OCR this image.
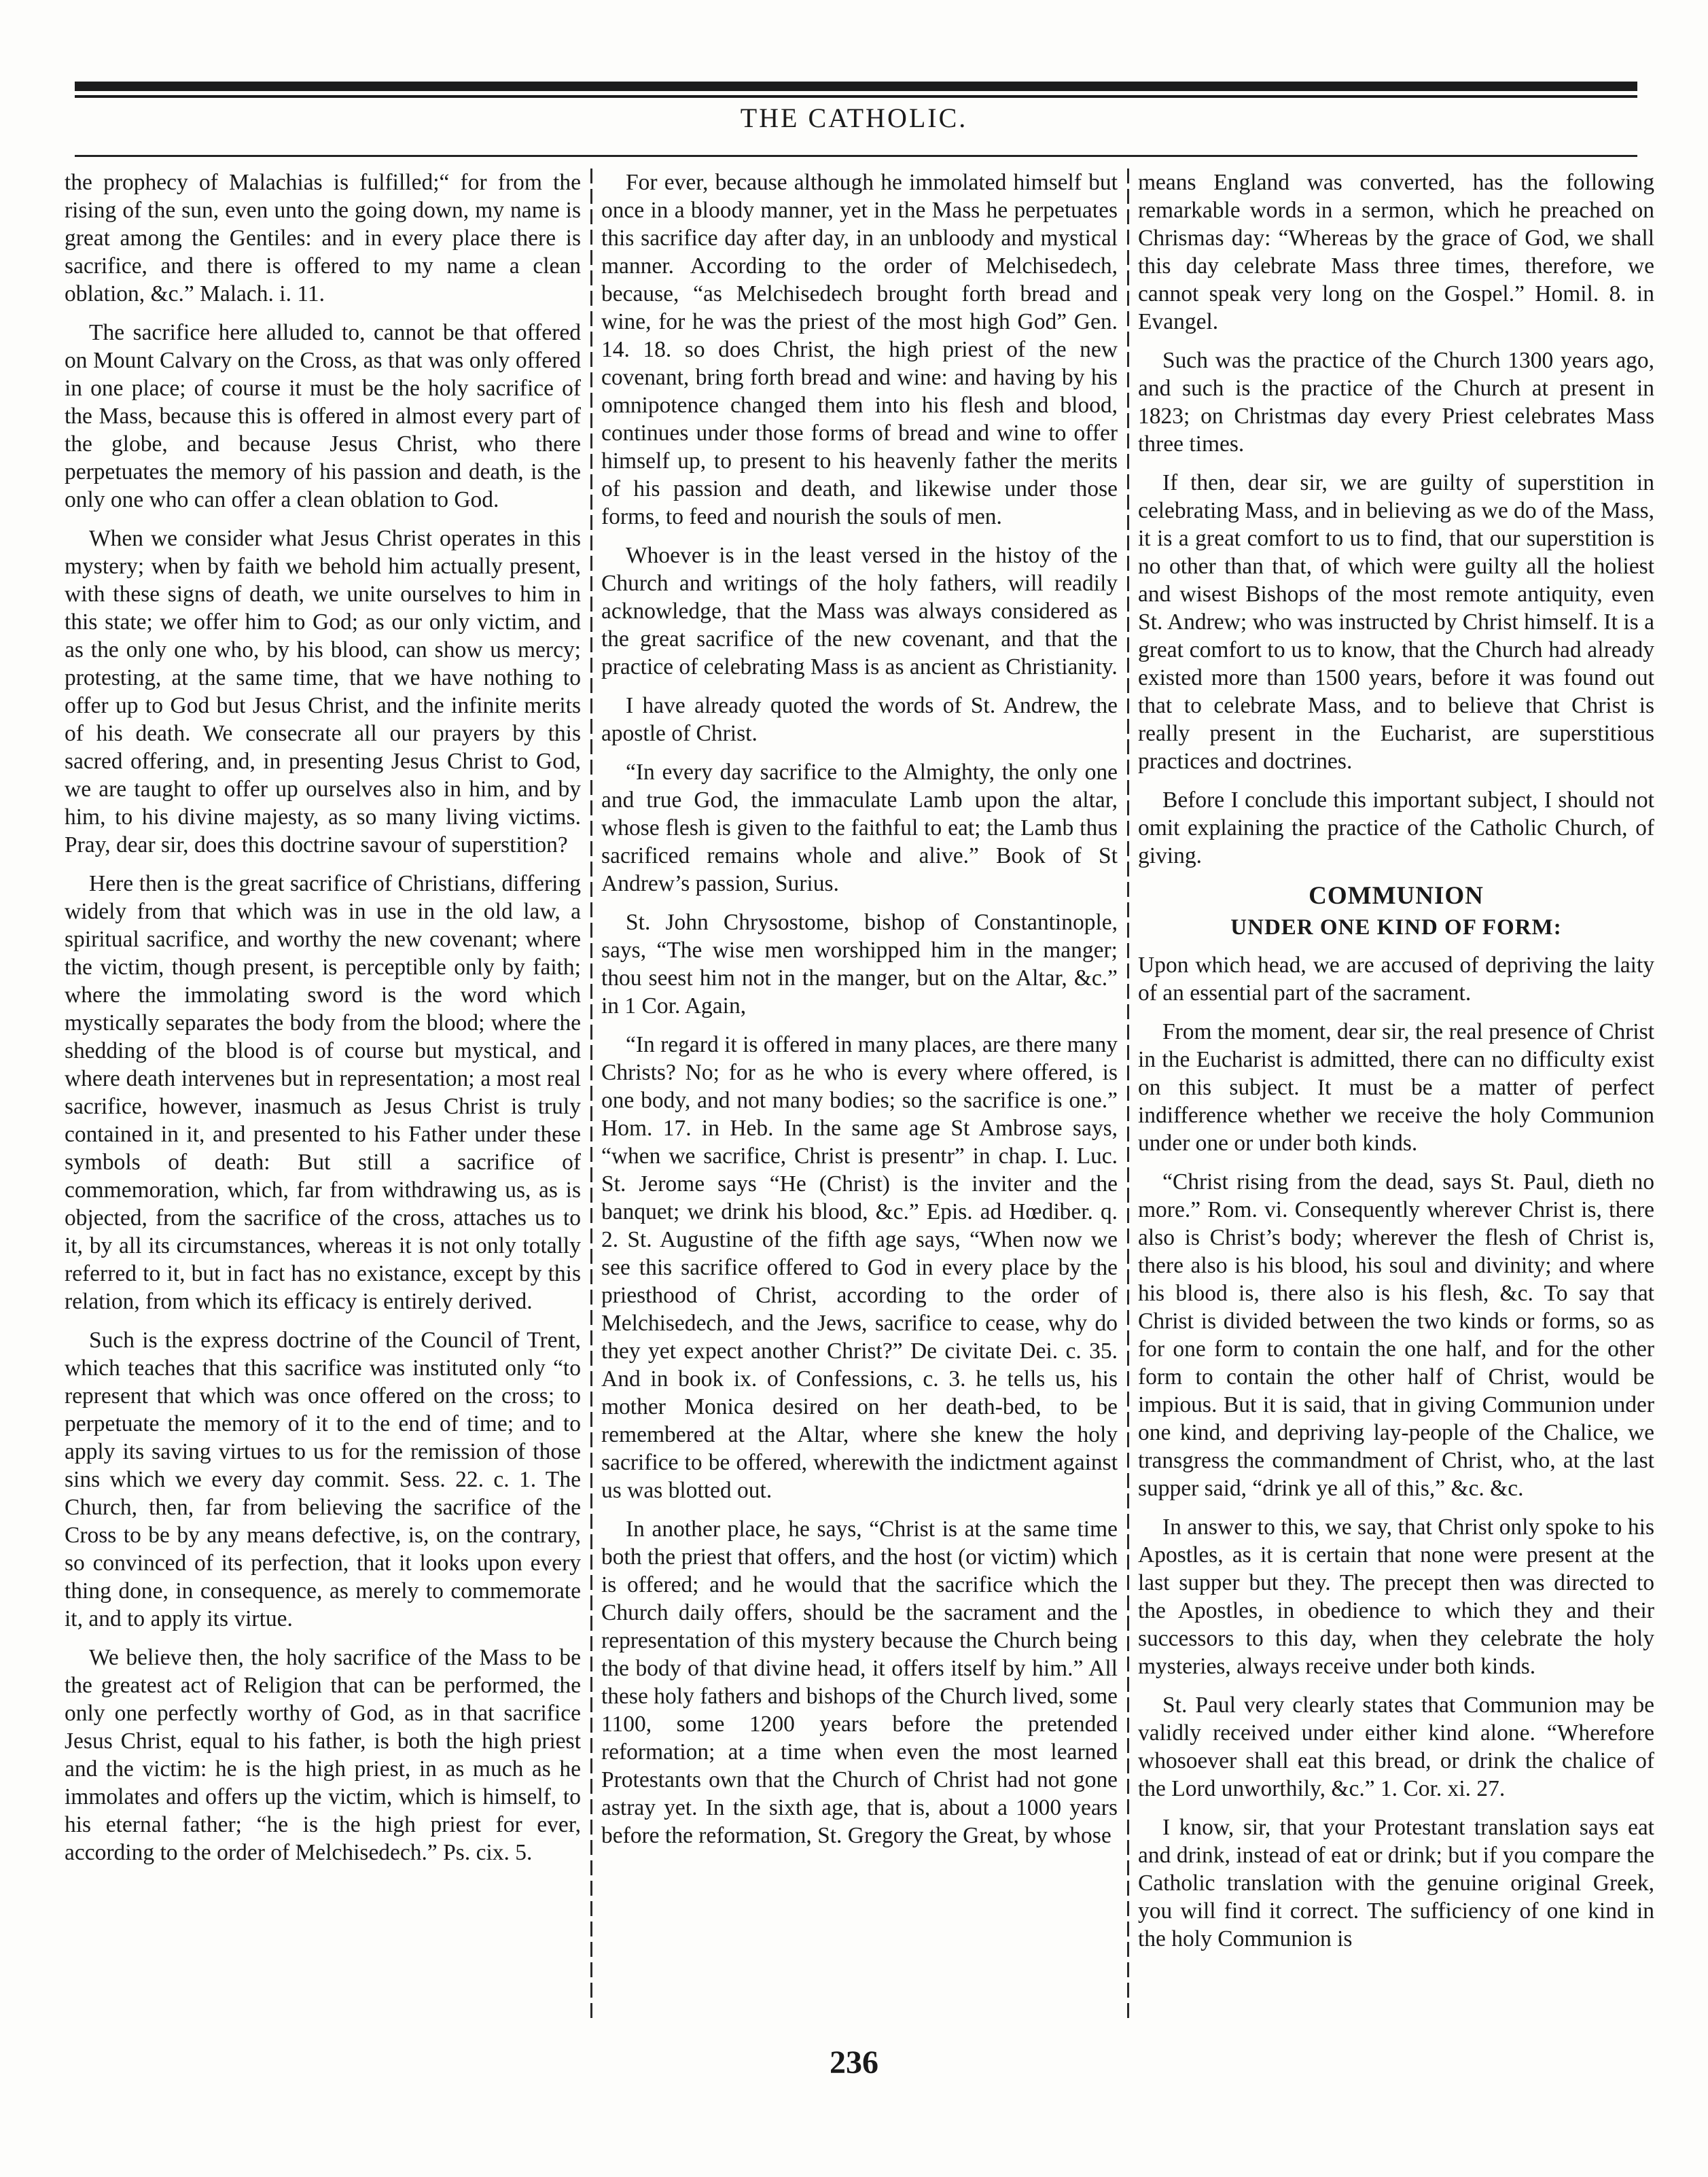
THE CATHOLIC.

the prophecy of Malachias is fulfilled;“ for from the rising of the sun, even unto the going down, my name is great among the Gentiles: and in every place there is sacrifice, and there is offered to my name a clean oblation, &c.” Malach. i. 11.

The sacrifice here alluded to, cannot be that offered on Mount Calvary on the Cross, as that was only offered in one place; of course it must be the holy sacrifice of the Mass, because this is offered in almost every part of the globe, and because Jesus Christ, who there perpetuates the memory of his passion and death, is the only one who can offer a clean oblation to God.

When we consider what Jesus Christ operates in this mystery; when by faith we behold him actually present, with these signs of death, we unite ourselves to him in this state; we offer him to God; as our only victim, and as the only one who, by his blood, can show us mercy; protesting, at the same time, that we have nothing to offer up to God but Jesus Christ, and the infinite merits of his death. We consecrate all our prayers by this sacred offering, and, in presenting Jesus Christ to God, we are taught to offer up ourselves also in him, and by him, to his divine majesty, as so many living victims. Pray, dear sir, does this doctrine savour of superstition?

Here then is the great sacrifice of Christians, differing widely from that which was in use in the old law, a spiritual sacrifice, and worthy the new covenant; where the victim, though present, is perceptible only by faith; where the immolating sword is the word which mystically separates the body from the blood; where the shedding of the blood is of course but mystical, and where death intervenes but in representation; a most real sacrifice, however, inasmuch as Jesus Christ is truly contained in it, and presented to his Father under these symbols of death: But still a sacrifice of commemoration, which, far from withdrawing us, as is objected, from the sacrifice of the cross, attaches us to it, by all its circumstances, whereas it is not only totally referred to it, but in fact has no existance, except by this relation, from which its efficacy is entirely derived.

Such is the express doctrine of the Council of Trent, which teaches that this sacrifice was instituted only “to represent that which was once offered on the cross; to perpetuate the memory of it to the end of time; and to apply its saving virtues to us for the remission of those sins which we every day commit. Sess. 22. c. 1. The Church, then, far from believing the sacrifice of the Cross to be by any means defective, is, on the contrary, so convinced of its perfection, that it looks upon every thing done, in consequence, as merely to commemorate it, and to apply its virtue.

We believe then, the holy sacrifice of the Mass to be the greatest act of Religion that can be performed, the only one perfectly worthy of God, as in that sacrifice Jesus Christ, equal to his father, is both the high priest and the victim: he is the high priest, in as much as he immolates and offers up the victim, which is himself, to his eternal father; “he is the high priest for ever, according to the order of Melchisedech.” Ps. cix. 5.

For ever, because although he immolated himself but once in a bloody manner, yet in the Mass he perpetuates this sacrifice day after day, in an unbloody and mystical manner. According to the order of Melchisedech, because, “as Melchisedech brought forth bread and wine, for he was the priest of the most high God” Gen. 14. 18. so does Christ, the high priest of the new covenant, bring forth bread and wine: and having by his omnipotence changed them into his flesh and blood, continues under those forms of bread and wine to offer himself up, to present to his heavenly father the merits of his passion and death, and likewise under those forms, to feed and nourish the souls of men.

Whoever is in the least versed in the histoy of the Church and writings of the holy fathers, will readily acknowledge, that the Mass was always considered as the great sacrifice of the new covenant, and that the practice of celebrating Mass is as ancient as Christianity.

I have already quoted the words of St. Andrew, the apostle of Christ.

“In every day sacrifice to the Almighty, the only one and true God, the immaculate Lamb upon the altar, whose flesh is given to the faithful to eat; the Lamb thus sacrificed remains whole and alive.” Book of St Andrew’s passion, Surius.

St. John Chrysostome, bishop of Constantinople, says, “The wise men worshipped him in the manger; thou seest him not in the manger, but on the Altar, &c.” in 1 Cor. Again,

“In regard it is offered in many places, are there many Christs? No; for as he who is every where offered, is one body, and not many bodies; so the sacrifice is one.” Hom. 17. in Heb. In the same age St Ambrose says, “when we sacrifice, Christ is presentr” in chap. I. Luc. St. Jerome says “He (Christ) is the inviter and the banquet; we drink his blood, &c.” Epis. ad Hœdiber. q. 2. St. Augustine of the fifth age says, “When now we see this sacrifice offered to God in every place by the priesthood of Christ, according to the order of Melchisedech, and the Jews, sacrifice to cease, why do they yet expect another Christ?” De civitate Dei. c. 35. And in book ix. of Confessions, c. 3. he tells us, his mother Monica desired on her death-bed, to be remembered at the Altar, where she knew the holy sacrifice to be offered, wherewith the indictment against us was blotted out.

In another place, he says, “Christ is at the same time both the priest that offers, and the host (or victim) which is offered; and he would that the sacrifice which the Church daily offers, should be the sacrament and the representation of this mystery because the Church being the body of that divine head, it offers itself by him.” All these holy fathers and bishops of the Church lived, some 1100, some 1200 years before the pretended reformation; at a time when even the most learned Protestants own that the Church of Christ had not gone astray yet. In the sixth age, that is, about a 1000 years before the reformation, St. Gregory the Great, by whose

means England was converted, has the following remarkable words in a sermon, which he preached on Chrismas day: “Whereas by the grace of God, we shall this day celebrate Mass three times, therefore, we cannot speak very long on the Gospel.” Homil. 8. in Evangel.

Such was the practice of the Church 1300 years ago, and such is the practice of the Church at present in 1823; on Christmas day every Priest celebrates Mass three times.

If then, dear sir, we are guilty of superstition in celebrating Mass, and in believing as we do of the Mass, it is a great comfort to us to find, that our superstition is no other than that, of which were guilty all the holiest and wisest Bishops of the most remote antiquity, even St. Andrew; who was instructed by Christ himself. It is a great comfort to us to know, that the Church had already existed more than 1500 years, before it was found out that to celebrate Mass, and to believe that Christ is really present in the Eucharist, are superstitious practices and doctrines.

Before I conclude this important subject, I should not omit explaining the practice of the Catholic Church, of giving.

COMMUNION
UNDER ONE KIND OF FORM:

Upon which head, we are accused of depriving the laity of an essential part of the sacrament.

From the moment, dear sir, the real presence of Christ in the Eucharist is admitted, there can no difficulty exist on this subject. It must be a matter of perfect indifference whether we receive the holy Communion under one or under both kinds.

“Christ rising from the dead, says St. Paul, dieth no more.” Rom. vi. Consequently wherever Christ is, there also is Christ’s body; wherever the flesh of Christ is, there also is his blood, his soul and divinity; and where his blood is, there also is his flesh, &c. To say that Christ is divided between the two kinds or forms, so as for one form to contain the one half, and for the other form to contain the other half of Christ, would be impious. But it is said, that in giving Communion under one kind, and depriving lay-people of the Chalice, we transgress the commandment of Christ, who, at the last supper said, “drink ye all of this,” &c. &c.

In answer to this, we say, that Christ only spoke to his Apostles, as it is certain that none were present at the last supper but they. The precept then was directed to the Apostles, in obedience to which they and their successors to this day, when they celebrate the holy mysteries, always receive under both kinds.

St. Paul very clearly states that Communion may be validly received under either kind alone. “Wherefore whosoever shall eat this bread, or drink the chalice of the Lord unworthily, &c.” 1. Cor. xi. 27.

I know, sir, that your Protestant translation says eat and drink, instead of eat or drink; but if you compare the Catholic translation with the genuine original Greek, you will find it correct. The sufficiency of one kind in the holy Communion is

236
